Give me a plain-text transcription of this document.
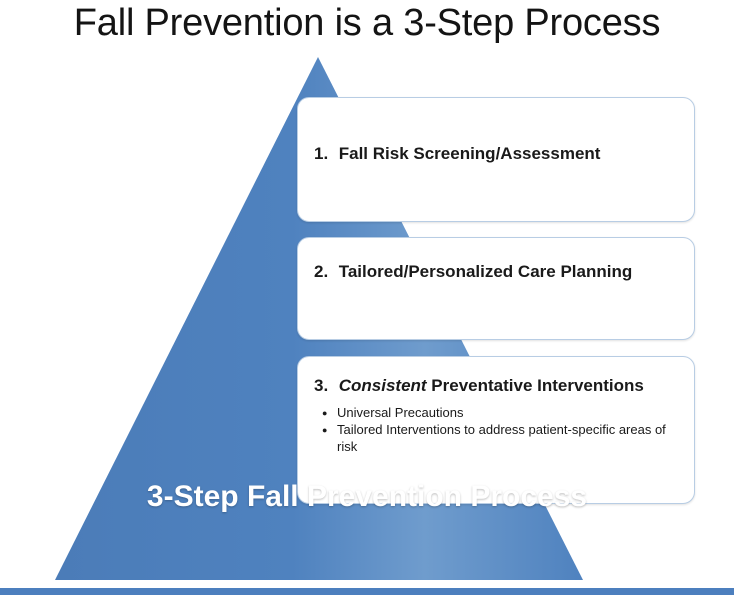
Fall Prevention is a 3-Step Process
1. Fall Risk Screening/Assessment
2. Tailored/Personalized Care Planning
3. Consistent Preventative Interventions
● Universal Precautions
● Tailored Interventions to address patient-specific areas of risk
3-Step Fall Prevention Process
